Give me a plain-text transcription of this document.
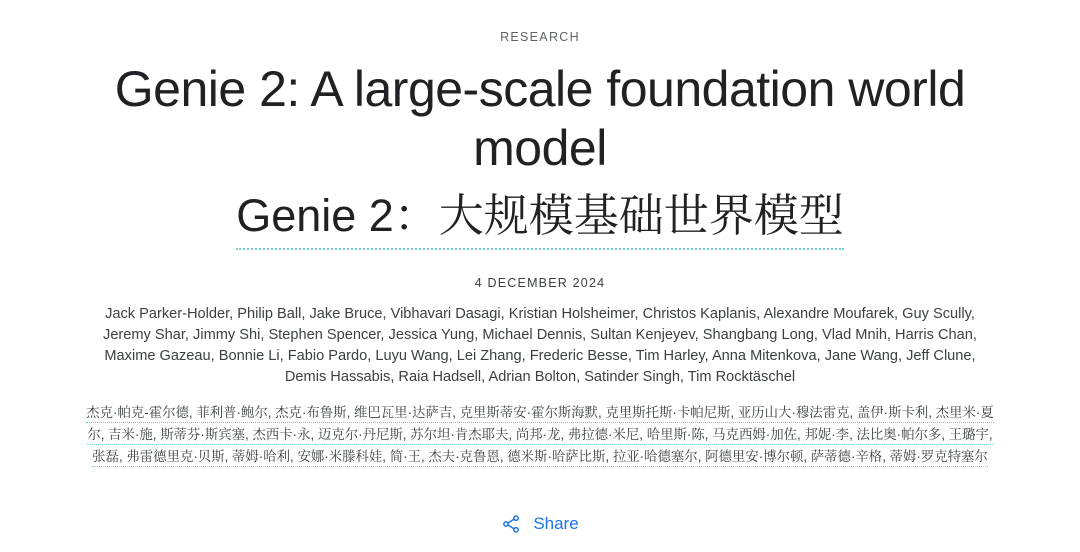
RESEARCH
Genie 2: A large-scale foundation world model
Genie 2：大规模基础世界模型
4 DECEMBER 2024
Jack Parker-Holder, Philip Ball, Jake Bruce, Vibhavari Dasagi, Kristian Holsheimer, Christos Kaplanis, Alexandre Moufarek, Guy Scully, Jeremy Shar, Jimmy Shi, Stephen Spencer, Jessica Yung, Michael Dennis, Sultan Kenjeyev, Shangbang Long, Vlad Mnih, Harris Chan, Maxime Gazeau, Bonnie Li, Fabio Pardo, Luyu Wang, Lei Zhang, Frederic Besse, Tim Harley, Anna Mitenkova, Jane Wang, Jeff Clune, Demis Hassabis, Raia Hadsell, Adrian Bolton, Satinder Singh, Tim Rocktäschel
杰克·帕克-霍尔德, 菲利普·鲍尔, 杰克·布鲁斯, 维巴瓦里·达萨吉, 克里斯蒂安·霍尔斯海默, 克里斯托斯·卡帕尼斯, 亚历山大·穆法雷克, 盖伊·斯卡利, 杰里米·夏尔, 吉米·施, 斯蒂芬·斯宾塞, 杰西卡·永, 迈克尔·丹尼斯, 苏尔坦·肯杰耶夫, 尚邦·龙, 弗拉德·米尼, 哈里斯·陈, 马克西姆·加佐, 邦妮·李, 法比奥·帕尔多, 王璐宇, 张磊, 弗雷德里克·贝斯, 蒂姆·哈利, 安娜·米滕科娃, 简·王, 杰夫·克鲁恩, 德米斯·哈萨比斯, 拉亚·哈德塞尔, 阿德里安·博尔顿, 萨蒂德·辛格, 蒂姆·罗克特塞尔
Share
